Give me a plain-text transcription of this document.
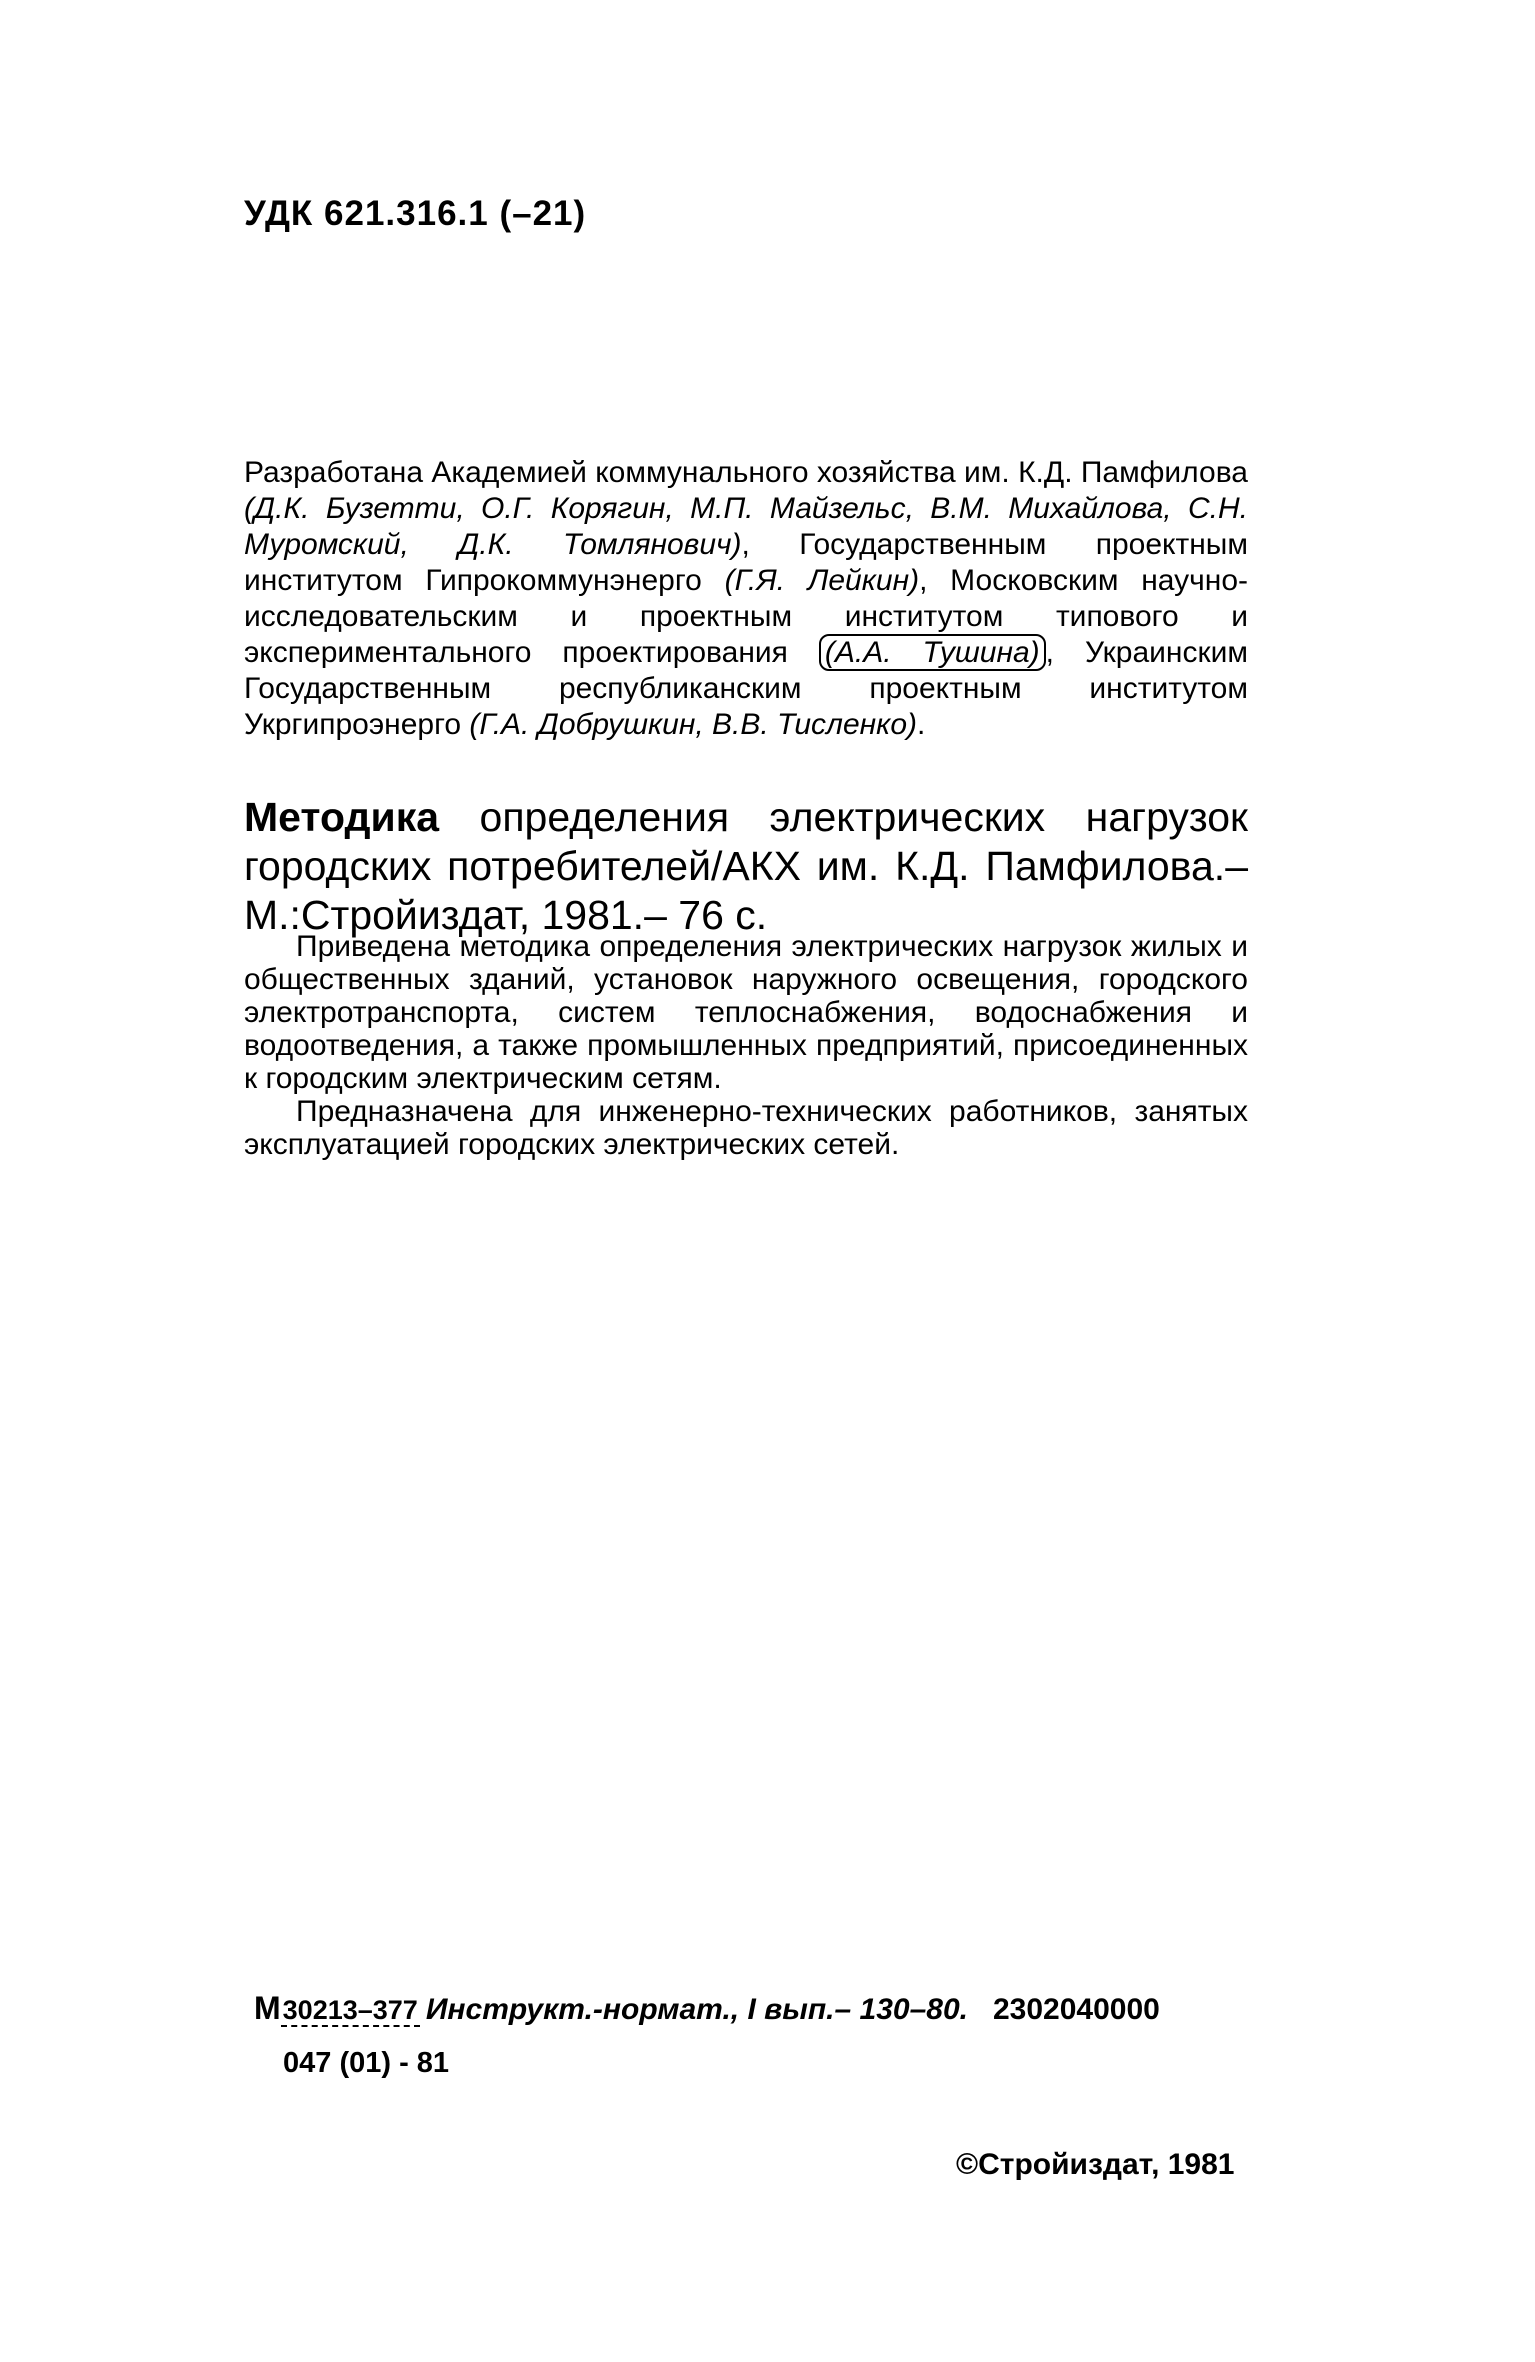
УДК 621.316.1 (–21)
Разработана Академией коммунального хозяйства им. К.Д. Памфилова (Д.К. Бузетти, О.Г. Корягин, М.П. Майзельс, В.М. Михайлова, С.Н. Муромский, Д.К. Томлянович), Государственным проектным институтом Гипрокоммунэнерго (Г.Я. Лейкин), Московским научно-исследовательским и проектным институтом типового и экспериментального проектирования (А.А. Тушина) , Украинским Государственным республиканским проектным институтом Укргипроэнерго (Г.А. Добрушкин, В.В. Тисленко).
Методика определения электрических нагрузок городских потребителей/АКХ им. К.Д. Памфилова.– М.:Стройиздат, 1981.– 76 с.

Приведена методика определения электрических нагрузок жилых и общественных зданий, установок наружного освещения, городского электротранспорта, систем теплоснабжения, водоснабжения и водоотведения, а также промышленных предприятий, присоединенных к городским электрическим сетям.

Предназначена для инженерно-технических работников, занятых эксплуатацией городских электрических сетей.

М 30213–377 Инструкт.-нормат., I вып.– 130–80. 2302040000
047 (01) - 81
©Стройиздат, 1981
